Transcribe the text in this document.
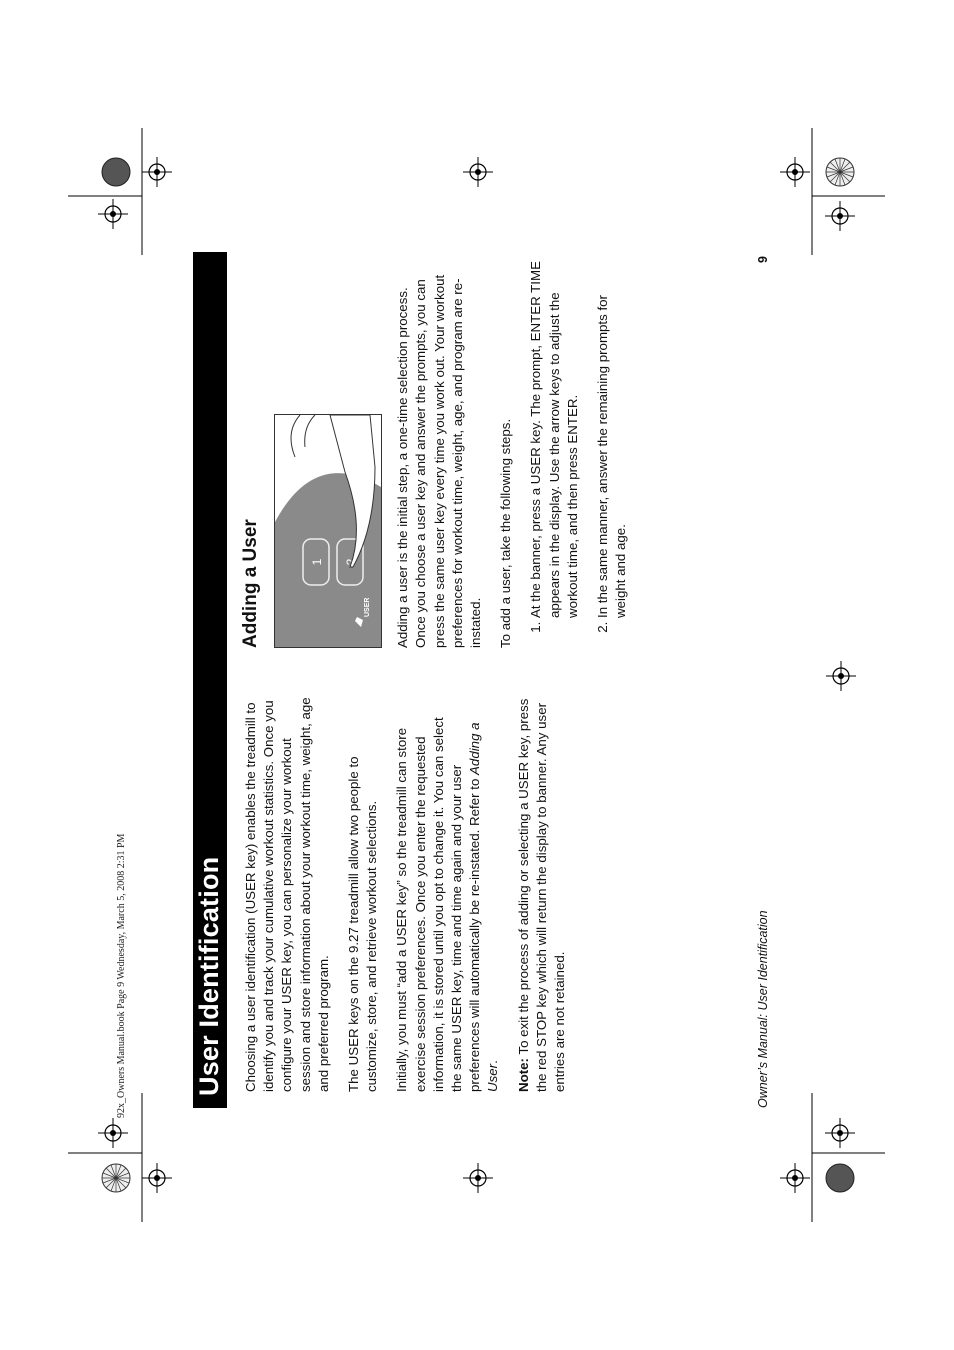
92x_Owners Manual.book Page 9 Wednesday, March 5, 2008 2:31 PM User Identification Choosing a user identification (USER key) enables the treadmill to identify you and track your cumulative workout statistics. Once you configure your USER key, you can personalize your workout session and store information about your workout time, weight, age and preferred program. The USER keys on the 9.27 treadmill allow two people to customize, store, and retrieve workout selections. Initially, you must “add a USER key” so the treadmill can store exercise session preferences. Once you enter the requested information, it is stored until you opt to change it. You can select the same USER key, time and time again and your user preferences will automatically be re-instated. Refer to Adding a User. Note: To exit the process of adding or selecting a USER key, press the red STOP key which will return the display to banner. Any user entries are not retained.

Adding a User	1 2
USER Adding a user is the initial step, a one-time selection process. Once you choose a user key and answer the prompts, you can press the same user key every time you work out. Your workout preferences for workout time, weight, age, and program are re-instated. To add a user, take the following steps. 1. At the banner, press a USER key. The prompt, ENTER TIME appears in the display. Use the arrow keys to adjust the workout time, and then press ENTER. 2. In the same manner, answer the remaining prompts for weight and age.
Owner’s Manual: User Identification
9
